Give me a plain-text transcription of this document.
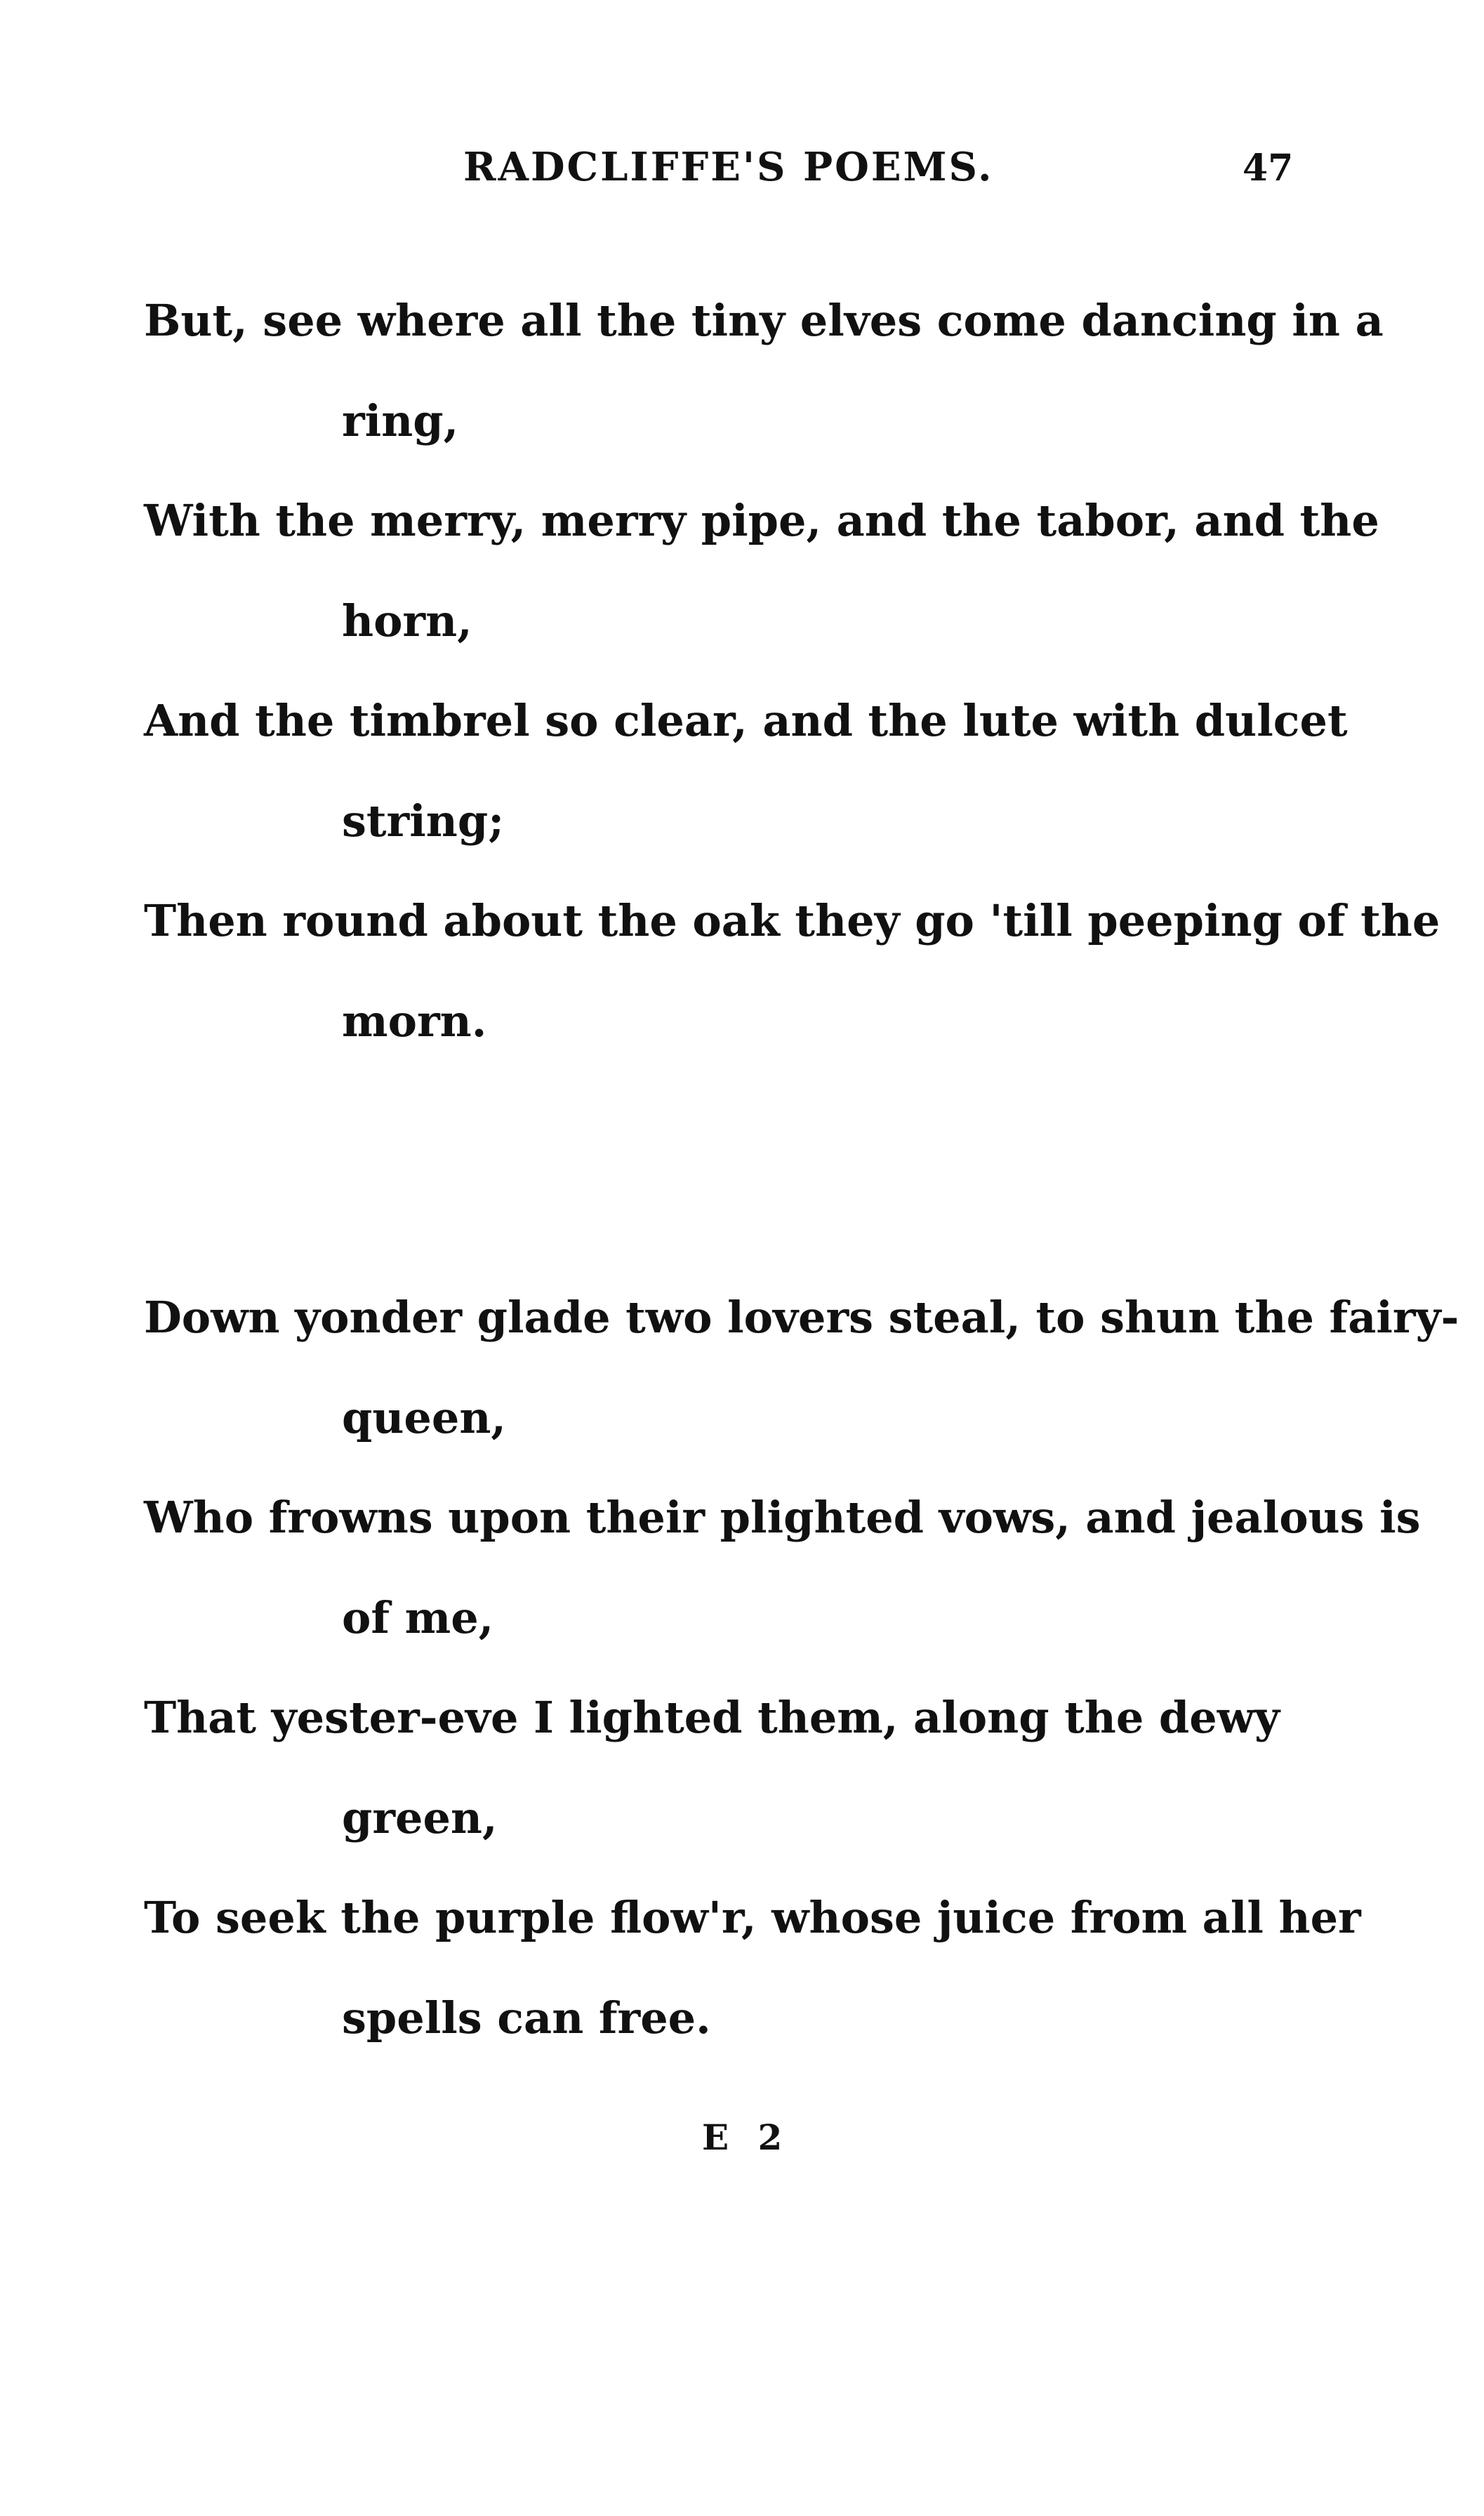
RADCLIFFE'S POEMS.	47
But, see where all the tiny elves come dancing in a
ring,
With the merry, merry pipe, and the tabor, and the
horn,
And the timbrel so clear, and the lute with dulcet
string;
Then round about the oak they go 'till peeping of the
morn.
Down yonder glade two lovers steal, to shun the fairy-
queen,
Who frowns upon their plighted vows, and jealous is
of me,
That yester-eve I lighted them, along the dewy
green,
To seek the purple flow'r, whose juice from all her
spells can free.
E 2
